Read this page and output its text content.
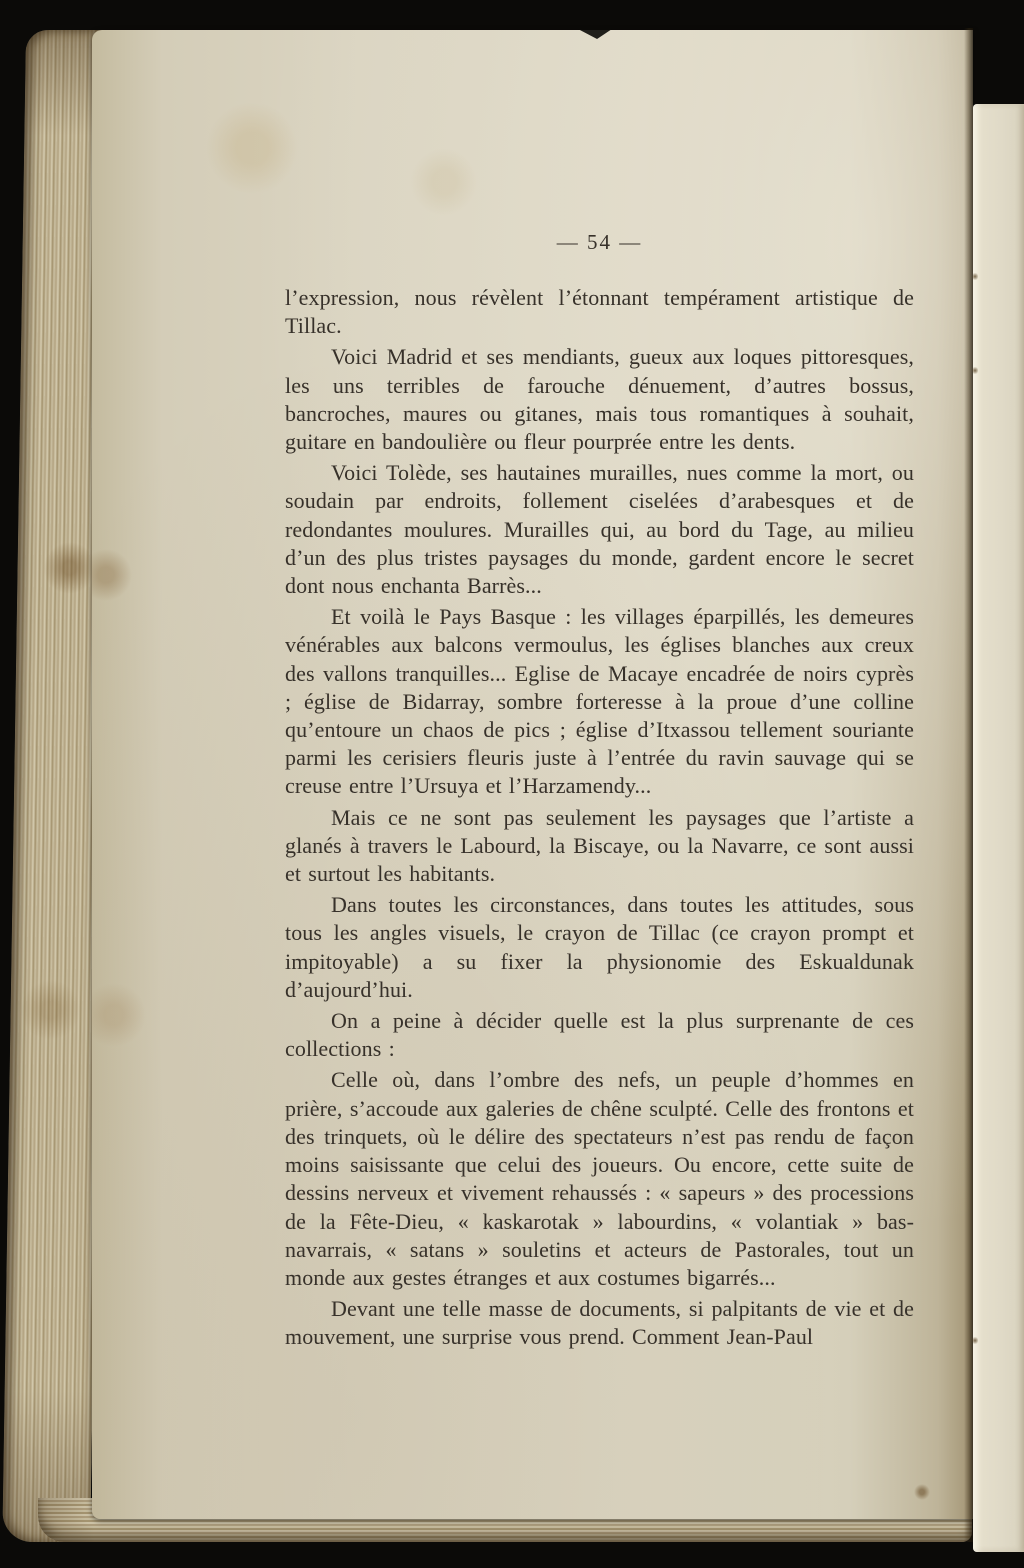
— 54 —

l’expression, nous révèlent l’étonnant tempérament artistique de Tillac.

Voici Madrid et ses mendiants, gueux aux loques pittoresques, les uns terribles de farouche dénuement, d’autres bossus, bancroches, maures ou gitanes, mais tous romantiques à souhait, guitare en bandoulière ou fleur pourprée entre les dents.

Voici Tolède, ses hautaines murailles, nues comme la mort, ou soudain par endroits, follement ciselées d’arabesques et de redondantes moulures. Murailles qui, au bord du Tage, au milieu d’un des plus tristes paysages du monde, gardent encore le secret dont nous enchanta Barrès...

Et voilà le Pays Basque : les villages éparpillés, les demeures vénérables aux balcons vermoulus, les églises blanches aux creux des vallons tranquilles... Eglise de Macaye encadrée de noirs cyprès ; église de Bidarray, sombre forteresse à la proue d’une colline qu’entoure un chaos de pics ; église d’Itxassou tellement souriante parmi les cerisiers fleuris juste à l’entrée du ravin sauvage qui se creuse entre l’Ursuya et l’Harzamendy...

Mais ce ne sont pas seulement les paysages que l’artiste a glanés à travers le Labourd, la Biscaye, ou la Navarre, ce sont aussi et surtout les habitants.

Dans toutes les circonstances, dans toutes les attitudes, sous tous les angles visuels, le crayon de Tillac (ce crayon prompt et impitoyable) a su fixer la physionomie des Eskualdunak d’aujourd’hui.

On a peine à décider quelle est la plus surprenante de ces collections :

Celle où, dans l’ombre des nefs, un peuple d’hommes en prière, s’accoude aux galeries de chêne sculpté. Celle des frontons et des trinquets, où le délire des spectateurs n’est pas rendu de façon moins saisissante que celui des joueurs. Ou encore, cette suite de dessins nerveux et vivement rehaussés : « sapeurs » des processions de la Fête-Dieu, « kaskarotak » labourdins, « volantiak » bas-navarrais, « satans » souletins et acteurs de Pastorales, tout un monde aux gestes étranges et aux costumes bigarrés...

Devant une telle masse de documents, si palpitants de vie et de mouvement, une surprise vous prend. Comment Jean-Paul
